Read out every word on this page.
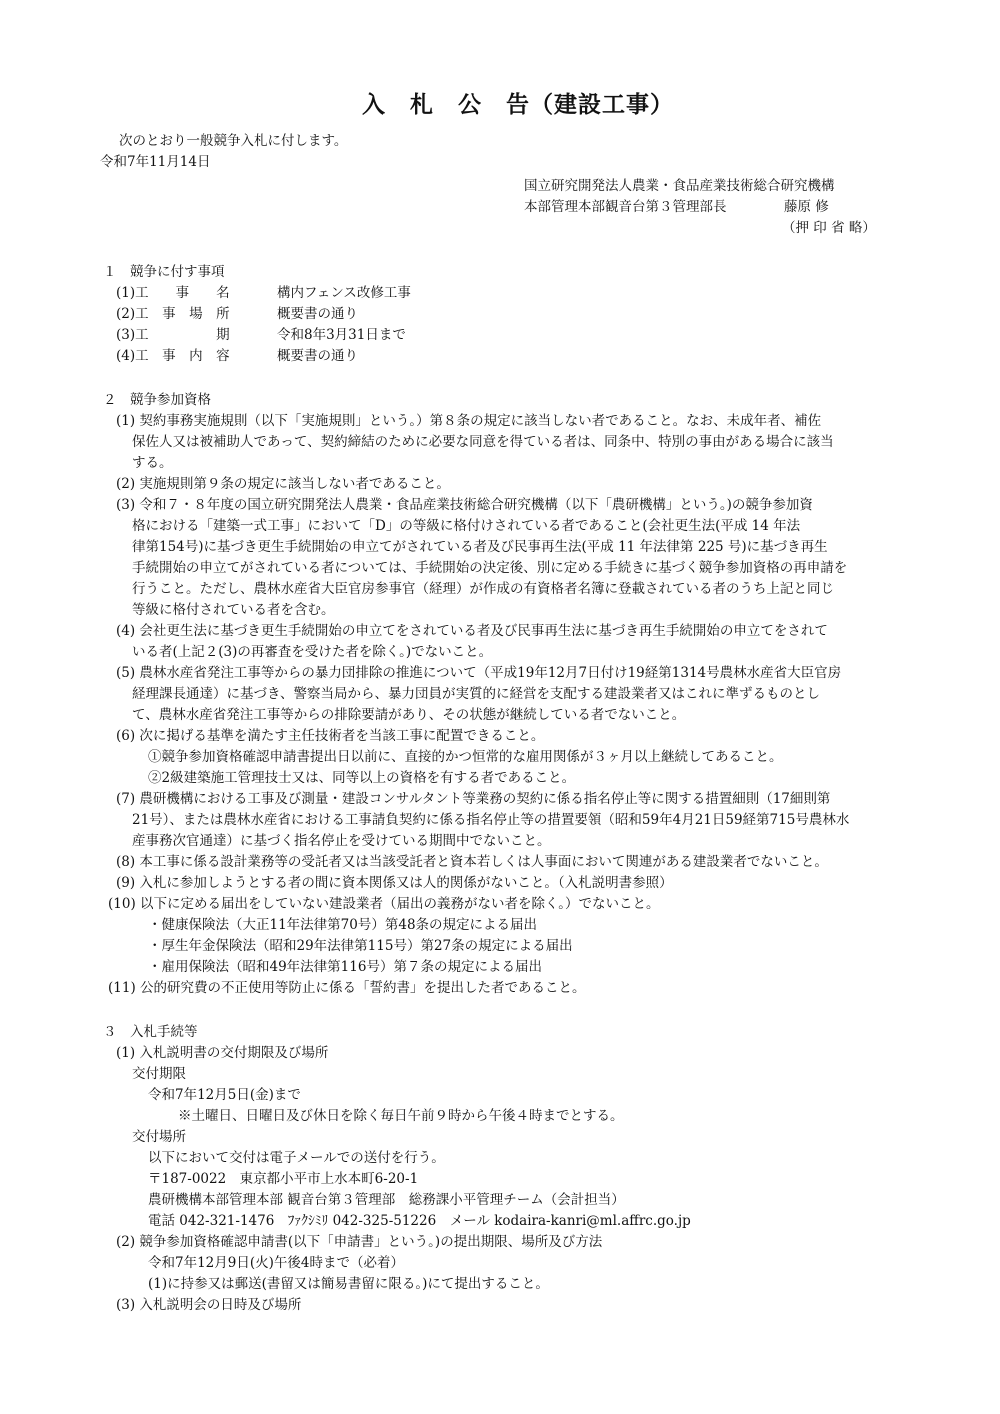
入　札　公　告（建設工事）
次のとおり一般競争入札に付します。
令和7年11月14日
国立研究開発法人農業・食品産業技術総合研究機構
本部管理本部観音台第３管理部長	藤原 修
（押 印 省 略）
１　競争に付す事項
(1)工　　事　　名	構内フェンス改修工事
(2)工　事　場　所	概要書の通り
(3)工　　　　　期	令和8年3月31日まで
(4)工　事　内　容	概要書の通り
２　競争参加資格
(1) 契約事務実施規則（以下「実施規則」という。）第８条の規定に該当しない者であること。なお、未成年者、補佐
保佐人又は被補助人であって、契約締結のために必要な同意を得ている者は、同条中、特別の事由がある場合に該当
する。
(2) 実施規則第９条の規定に該当しない者であること。
(3) 令和７・８年度の国立研究開発法人農業・食品産業技術総合研究機構（以下「農研機構」という。)の競争参加資
格における「建築一式工事」において「D」の等級に格付けされている者であること(会社更生法(平成 14 年法
律第154号)に基づき更生手続開始の申立てがされている者及び民事再生法(平成 11 年法律第 225 号)に基づき再生
手続開始の申立てがされている者については、手続開始の決定後、別に定める手続きに基づく競争参加資格の再申請を
行うこと。ただし、農林水産省大臣官房参事官（経理）が作成の有資格者名簿に登載されている者のうち上記と同じ
等級に格付されている者を含む。
(4) 会社更生法に基づき更生手続開始の申立てをされている者及び民事再生法に基づき再生手続開始の申立てをされて
いる者(上記２(3)の再審査を受けた者を除く。)でないこと。
(5) 農林水産省発注工事等からの暴力団排除の推進について（平成19年12月7日付け19経第1314号農林水産省大臣官房
経理課長通達）に基づき、警察当局から、暴力団員が実質的に経営を支配する建設業者又はこれに準ずるものとし
て、農林水産省発注工事等からの排除要請があり、その状態が継続している者でないこと。
(6) 次に掲げる基準を満たす主任技術者を当該工事に配置できること。
①競争参加資格確認申請書提出日以前に、直接的かつ恒常的な雇用関係が３ヶ月以上継続してあること。
②2級建築施工管理技士又は、同等以上の資格を有する者であること。
(7) 農研機構における工事及び測量・建設コンサルタント等業務の契約に係る指名停止等に関する措置細則（17細則第
21号）、または農林水産省における工事請負契約に係る指名停止等の措置要領（昭和59年4月21日59経第715号農林水
産事務次官通達）に基づく指名停止を受けている期間中でないこと。
(8) 本工事に係る設計業務等の受託者又は当該受託者と資本若しくは人事面において関連がある建設業者でないこと。
(9) 入札に参加しようとする者の間に資本関係又は人的関係がないこと。（入札説明書参照）
(10) 以下に定める届出をしていない建設業者（届出の義務がない者を除く。）でないこと。
・健康保険法（大正11年法律第70号）第48条の規定による届出
・厚生年金保険法（昭和29年法律第115号）第27条の規定による届出
・雇用保険法（昭和49年法律第116号）第７条の規定による届出
(11) 公的研究費の不正使用等防止に係る「誓約書」を提出した者であること。
３　入札手続等
(1) 入札説明書の交付期限及び場所
交付期限
令和7年12月5日(金)まで
※土曜日、日曜日及び休日を除く毎日午前９時から午後４時までとする。
交付場所
以下において交付は電子メールでの送付を行う。
〒187-0022　東京都小平市上水本町6-20-1
農研機構本部管理本部 観音台第３管理部　総務課小平管理チーム（会計担当）
電話 042-321-1476　ﾌｧｸｼﾐﾘ 042-325-51226　メール kodaira-kanri@ml.affrc.go.jp
(2) 競争参加資格確認申請書(以下「申請書」という。)の提出期限、場所及び方法
令和7年12月9日(火)午後4時まで（必着）
(1)に持参又は郵送(書留又は簡易書留に限る。)にて提出すること。
(3) 入札説明会の日時及び場所
